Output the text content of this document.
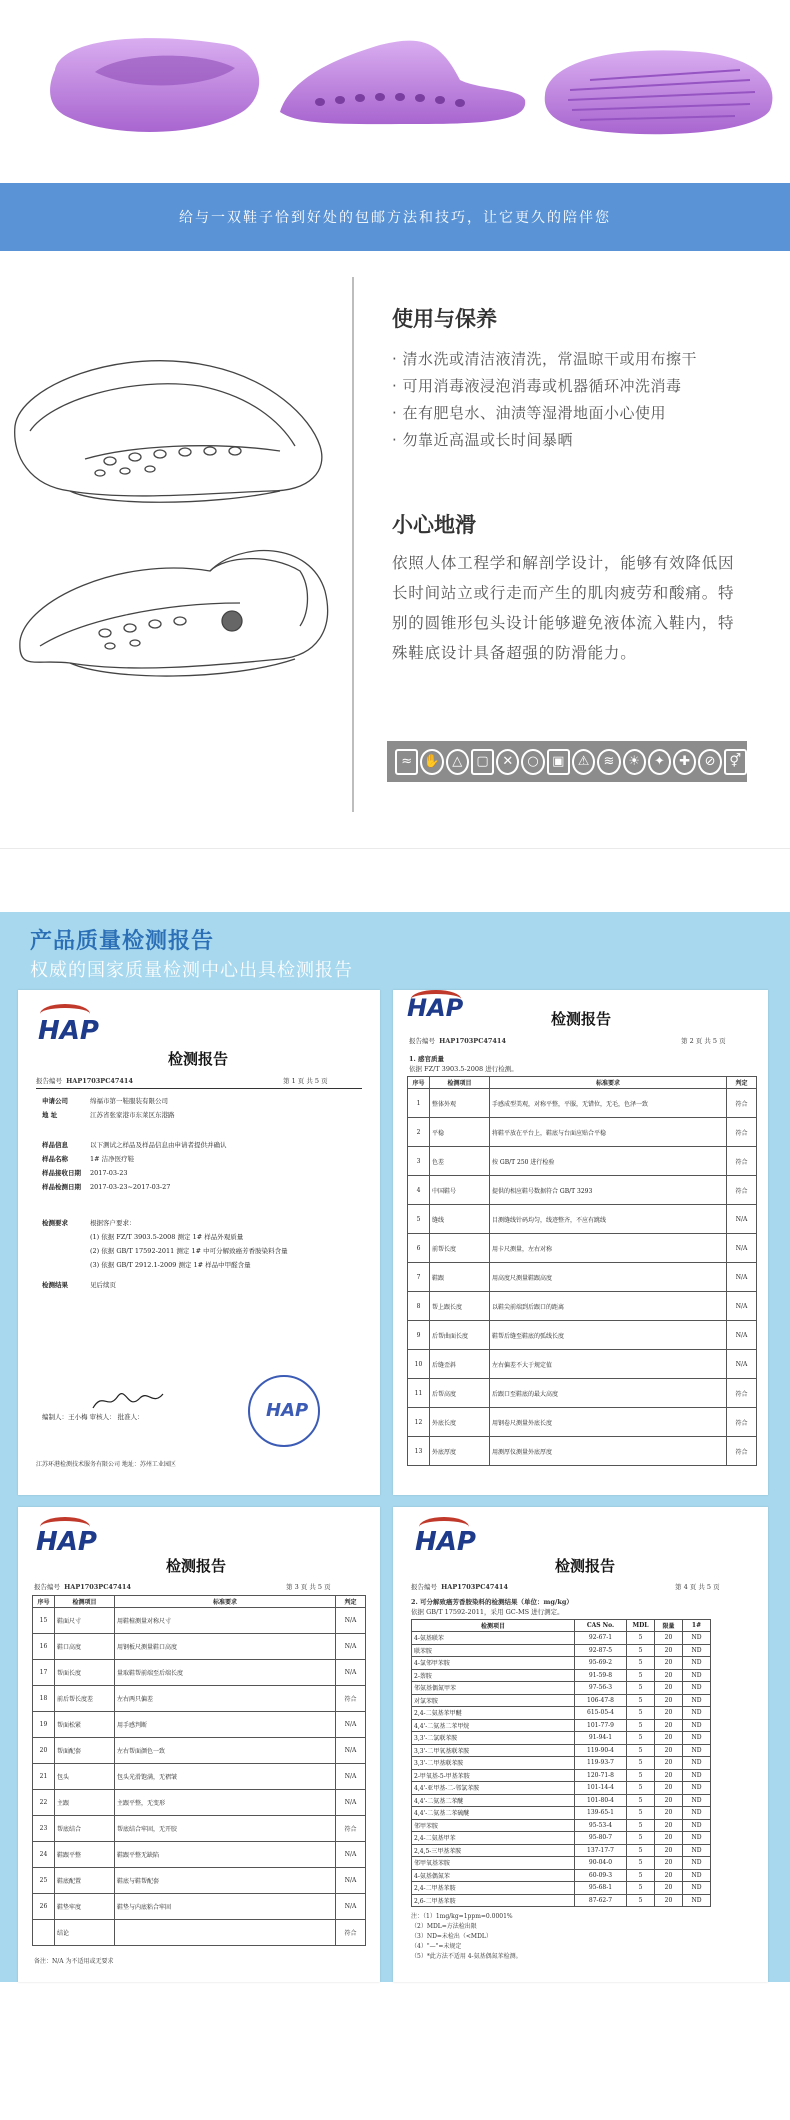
给与一双鞋子恰到好处的包邮方法和技巧，让它更久的陪伴您
使用与保养
· 清水洗或清洁液清洗，常温晾干或用布擦干
· 可用消毒液浸泡消毒或机器循环冲洗消毒
· 在有肥皂水、油渍等湿滑地面小心使用
· 勿靠近高温或长时间暴晒
小心地滑
依照人体工程学和解剖学设计，能够有效降低因长时间站立或行走而产生的肌肉疲劳和酸痛。特别的圆锥形包头设计能够避免液体流入鞋内，特殊鞋底设计具备超强的防滑能力。
≈ ✋ △	▢	✕	○	▣	⚠	≋	☀	✦	✚	⊘	⚥
产品质量检测报告
权威的国家质量检测中心出具检测报告
HAP
检测报告
报告编号 HAP1703PC47414	第 1 页 共 5 页
申请公司	绵福市第一鞋服装有限公司
地 址	江苏省张家港市东莱区东港路
样品信息	以下测试之样品及样品信息由申请者提供并确认
样品名称	1# 洁净医疗鞋
样品接收日期 2017-03-23
样品检测日期 2017-03-23~2017-03-27
检测要求	根据客户要求：
(1) 依据 FZ/T 3903.5-2008 测定 1# 样品外观质量
(2) 依据 GB/T 17592-2011 测定 1# 中可分解致癌芳香胺染料含量
(3) 依据 GB/T 2912.1-2009 测定 1# 样品中甲醛含量
检测结果	见后续页
编制人：王小梅 审核人： 批准人：	HAP
江苏环港检测技术服务有限公司 地址：苏州工业园区
HAP	检测报告
报告编号 HAP1703PC47414	第 2 页 共 5 页
1. 感官质量
依据 FZ/T 3903.5-2008 进行检测。
序号	检测项目	标准要求	判定
1	整体外观	手感成型美观，对称平整，平服，无错位，无毛，色泽一致	符合
2	平稳	将鞋平放在平台上，鞋底与台面应贴合平稳	符合
3	色差	按 GB/T 250 进行检验	符合
4	中国鞋号	提供的相应鞋号数据符合 GB/T 3293	符合
5	缝线	目测缝线针码均匀，线迹整齐，不应有跳线	N/A
6	前帮长度	用卡尺测量，左右对称	N/A
7	鞋跟	用高度尺测量鞋跟高度	N/A
8	帮上跟长度	以鞋尖前端到后跟口的距离	N/A
9	后帮曲面长度	鞋帮后缝至鞋底的弧线长度	N/A
10	后缝歪斜	左右偏差不大于规定值	N/A
11	后帮高度	后跟口至鞋底的最大高度	符合
12	外底长度	用钢卷尺测量外底长度	符合
13	外底厚度	用测厚仪测量外底厚度	符合
HAP
检测报告
报告编号 HAP1703PC47414	第 3 页 共 5 页
序号	检测项目	标准要求	判定
15	鞋面尺寸	用鞋楦测量对称尺寸	N/A
16	鞋口高度	用钢板尺测量鞋口高度	N/A
17	帮面长度	量取鞋帮前端至后端长度	N/A
18	前后帮长度差	左右两只偏差	符合
19	帮面松紧	用手感判断	N/A
20	帮面配套	左右帮面颜色一致	N/A
21	包头	包头光滑饱满，无褶皱	N/A
22	主跟	主跟平整，无变形	N/A
23	帮底结合	帮底结合牢固，无开胶	符合
24	鞋跟平整	鞋跟平整无缺陷	N/A
25	鞋底配置	鞋底与鞋帮配套	N/A
26	鞋垫牢度	鞋垫与内底粘合牢固	N/A
	结论		符合
备注：N/A 为不适用或无要求
HAP
检测报告
报告编号 HAP1703PC47414	第 4 页 共 5 页
2. 可分解致癌芳香胺染料的检测结果（单位：mg/kg）
依据 GB/T 17592-2011，采用 GC-MS 进行测定。
检测项目	CAS No.	MDL	限量	1#
4-氨基联苯	92-67-1	5	20	ND
联苯胺	92-87-5	5	20	ND
4-氯邻甲苯胺	95-69-2	5	20	ND
2-萘胺	91-59-8	5	20	ND
邻氨基偶氮甲苯	97-56-3	5	20	ND
对氯苯胺	106-47-8	5	20	ND
2,4-二氨基苯甲醚	615-05-4	5	20	ND
4,4'-二氨基二苯甲烷	101-77-9	5	20	ND
3,3'-二氯联苯胺	91-94-1	5	20	ND
3,3'-二甲氧基联苯胺	119-90-4	5	20	ND
3,3'-二甲基联苯胺	119-93-7	5	20	ND
2-甲氧基-5-甲基苯胺	120-71-8	5	20	ND
4,4'-亚甲基-二-邻氯苯胺	101-14-4	5	20	ND
4,4'-二氨基二苯醚	101-80-4	5	20	ND
4,4'-二氨基二苯硫醚	139-65-1	5	20	ND
邻甲苯胺	95-53-4	5	20	ND
2,4-二氨基甲苯	95-80-7	5	20	ND
2,4,5-三甲基苯胺	137-17-7	5	20	ND
邻甲氧基苯胺	90-04-0	5	20	ND
4-氨基偶氮苯	60-09-3	5	20	ND
2,4-二甲基苯胺	95-68-1	5	20	ND
2,6-二甲基苯胺	87-62-7	5	20	ND
注：（1）1mg/kg=1ppm=0.0001%
（2）MDL=方法检出限
（3）ND=未检出（<MDL）
（4）"—"=未规定
（5）*此方法不适用 4-氨基偶氮苯检测。
